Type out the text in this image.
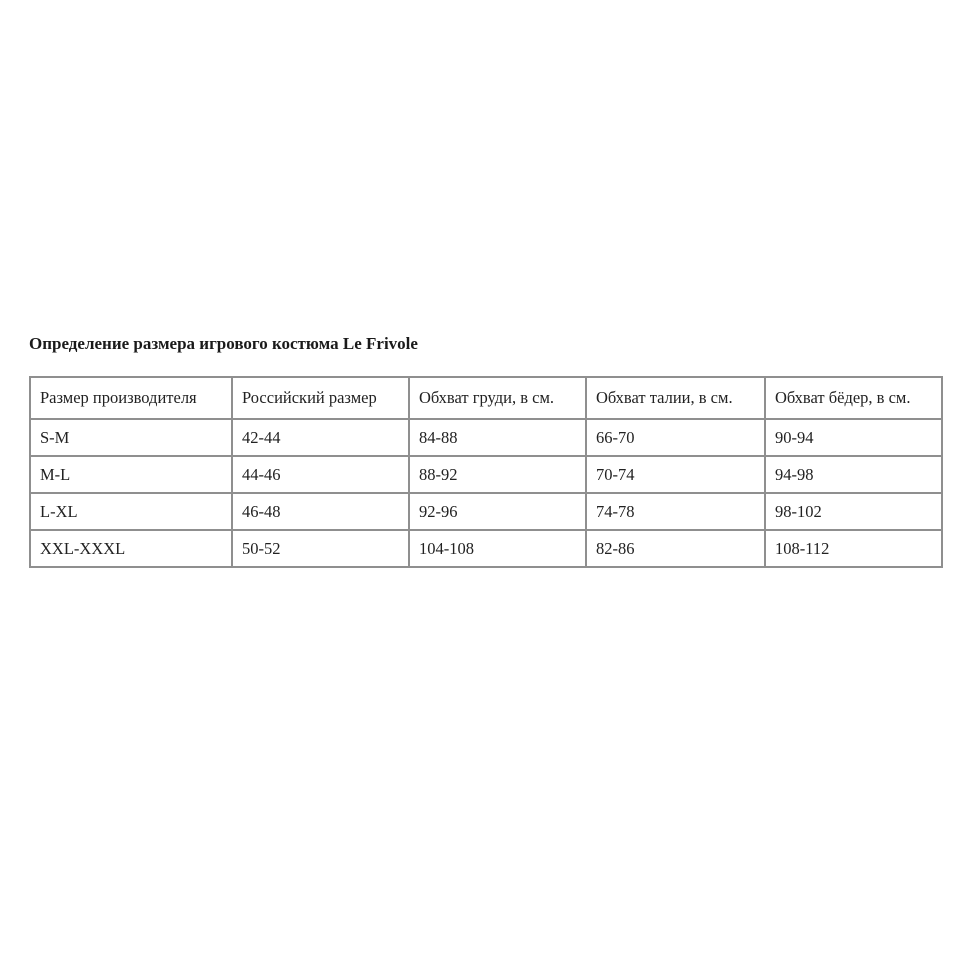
Определение размера игрового костюма Le Frivole
Размер производителя	Российский размер	Обхват груди, в см.	Обхват талии, в см.	Обхват бёдер, в см.
S-M	42-44	84-88	66-70	90-94
M-L	44-46	88-92	70-74	94-98
L-XL	46-48	92-96	74-78	98-102
XXL-XXXL	50-52	104-108	82-86	108-112
